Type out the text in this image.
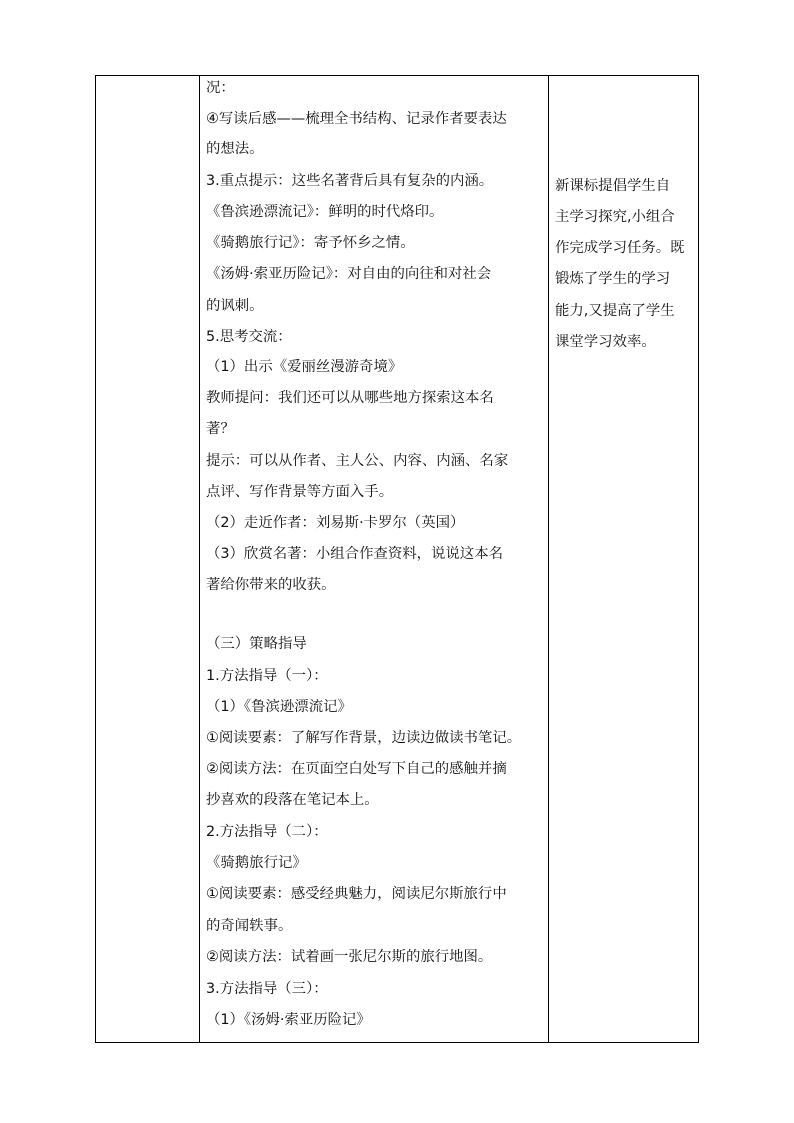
况：
④写读后感——梳理全书结构、记录作者要表达
的想法。
3.重点提示：这些名著背后具有复杂的内涵。
《鲁滨逊漂流记》：鲜明的时代烙印。
《骑鹅旅行记》：寄予怀乡之情。
《汤姆·索亚历险记》：对自由的向往和对社会
的讽刺。
5.思考交流：
（1）出示《爱丽丝漫游奇境》
教师提问：我们还可以从哪些地方探索这本名
著？
提示：可以从作者、主人公、内容、内涵、名家
点评、写作背景等方面入手。
（2）走近作者：刘易斯·卡罗尔（英国）
（3）欣赏名著：小组合作查资料，说说这本名
著给你带来的收获。
（三）策略指导
1.方法指导（一）：
（1）《鲁滨逊漂流记》
①阅读要素：了解写作背景，边读边做读书笔记。
②阅读方法：在页面空白处写下自己的感触并摘
抄喜欢的段落在笔记本上。
2.方法指导（二）：
《骑鹅旅行记》
①阅读要素：感受经典魅力，阅读尼尔斯旅行中
的奇闻轶事。
②阅读方法：试着画一张尼尔斯的旅行地图。
3.方法指导（三）：
（1）《汤姆·索亚历险记》
新课标提倡学生自
主学习探究,小组合
作完成学习任务。既
锻炼了学生的学习
能力,又提高了学生
课堂学习效率。
